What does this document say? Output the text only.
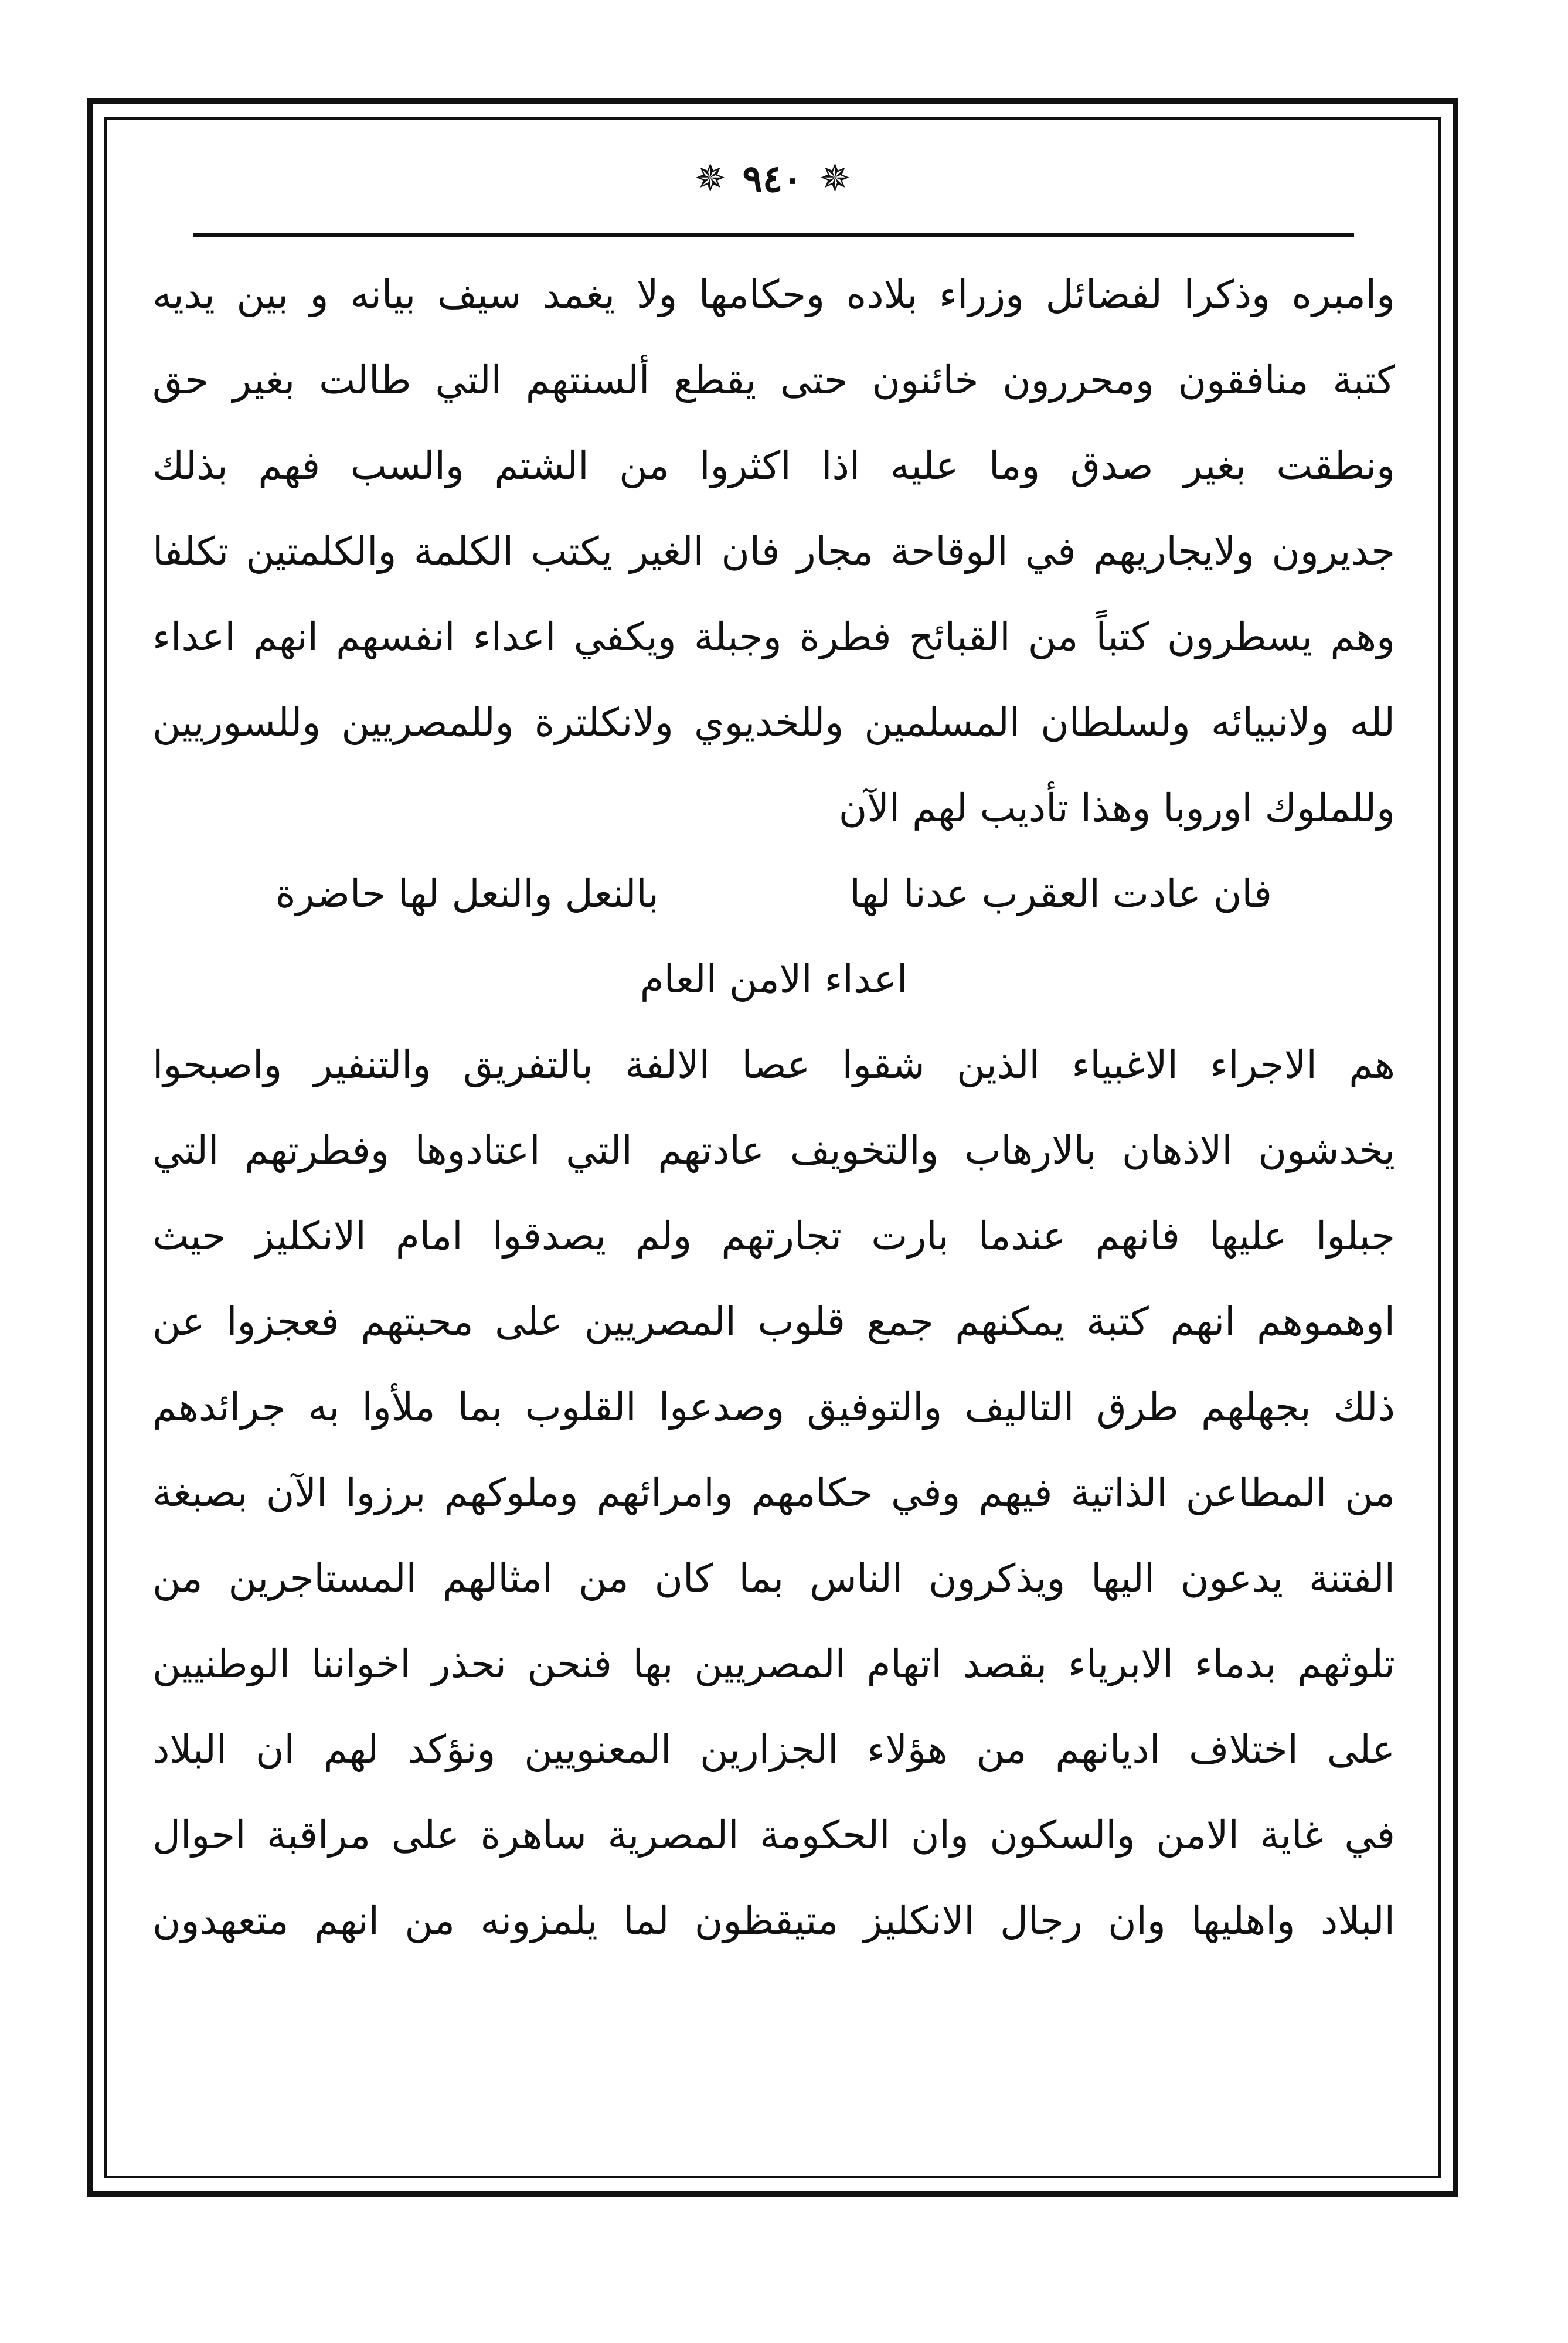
✵ ٩٤٠ ✵
وامبره وذكرا لفضائل وزراء بلاده وحكامها ولا يغمد سيف بيانه و بين يديه
كتبة منافقون ومحررون خائنون حتى يقطع ألسنتهم التي طالت بغير حق
ونطقت بغير صدق وما عليه اذا اكثروا من الشتم والسب فهم بذلك
جديرون ولايجاريهم في الوقاحة مجار فان الغير يكتب الكلمة والكلمتين تكلفا
وهم يسطرون كتباً من القبائح فطرة وجبلة ويكفي اعداء انفسهم انهم اعداء
لله ولانبيائه ولسلطان المسلمين وللخديوي ولانكلترة وللمصريين وللسوريين
وللملوك اوروبا وهذا تأديب لهم الآن
فان عادت العقرب عدنا لها
بالنعل والنعل لها حاضرة
اعداء الامن العام
هم الاجراء الاغبياء الذين شقوا عصا الالفة بالتفريق والتنفير واصبحوا
يخدشون الاذهان بالارهاب والتخويف عادتهم التي اعتادوها وفطرتهم التي
جبلوا عليها فانهم عندما بارت تجارتهم ولم يصدقوا امام الانكليز حيث
اوهموهم انهم كتبة يمكنهم جمع قلوب المصريين على محبتهم فعجزوا عن
ذلك بجهلهم طرق التاليف والتوفيق وصدعوا القلوب بما ملأوا به جرائدهم
من المطاعن الذاتية فيهم وفي حكامهم وامرائهم وملوكهم برزوا الآن بصبغة
الفتنة يدعون اليها ويذكرون الناس بما كان من امثالهم المستاجرين من
تلوثهم بدماء الابرياء بقصد اتهام المصريين بها فنحن نحذر اخواننا الوطنيين
على اختلاف اديانهم من هؤلاء الجزارين المعنويين ونؤكد لهم ان البلاد
في غاية الامن والسكون وان الحكومة المصرية ساهرة على مراقبة احوال
البلاد واهليها وان رجال الانكليز متيقظون لما يلمزونه من انهم متعهدون
